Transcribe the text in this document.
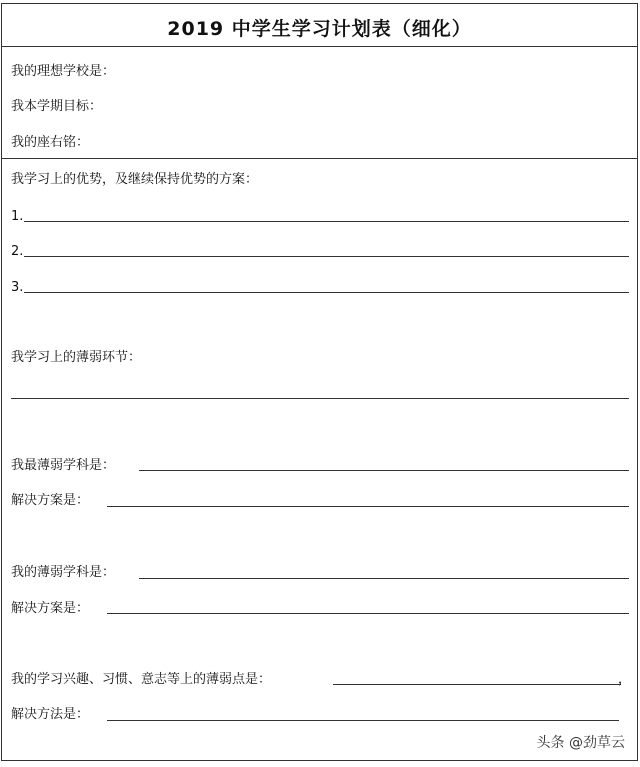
2019 中学生学习计划表（细化）
我的理想学校是：
我本学期目标：
我的座右铭：
我学习上的优势，及继续保持优势的方案：
1.
2.
3.
我学习上的薄弱环节：
我最薄弱学科是：
解决方案是：
我的薄弱学科是：
解决方案是：
我的学习兴趣、习惯、意志等上的薄弱点是：	，
解决方法是：
头条 @劲草云
